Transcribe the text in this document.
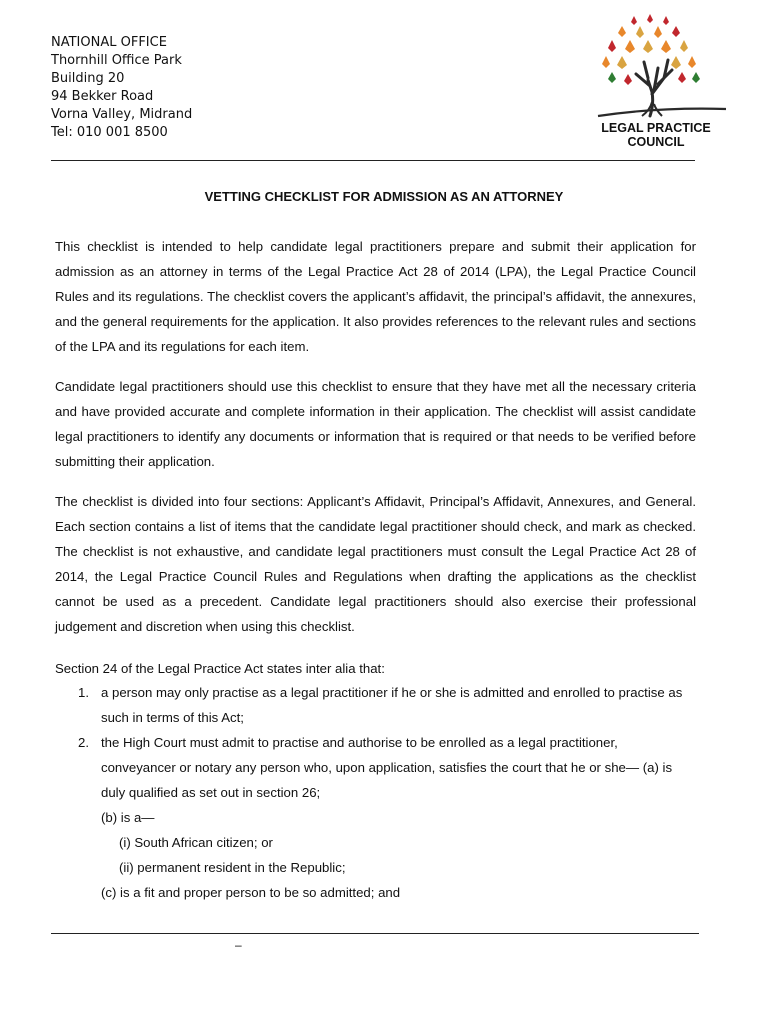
NATIONAL OFFICE
Thornhill Office Park
Building 20
94 Bekker Road
Vorna Valley, Midrand
Tel: 010 001 8500	LEGAL PRACTICE
COUNCIL
VETTING CHECKLIST FOR ADMISSION AS AN ATTORNEY

This checklist is intended to help candidate legal practitioners prepare and submit their application for admission as an attorney in terms of the Legal Practice Act 28 of 2014 (LPA), the Legal Practice Council Rules and its regulations. The checklist covers the applicant’s affidavit, the principal’s affidavit, the annexures, and the general requirements for the application. It also provides references to the relevant rules and sections of the LPA and its regulations for each item.

Candidate legal practitioners should use this checklist to ensure that they have met all the necessary criteria and have provided accurate and complete information in their application. The checklist will assist candidate legal practitioners to identify any documents or information that is required or that needs to be verified before submitting their application.

The checklist is divided into four sections: Applicant’s Affidavit, Principal’s Affidavit, Annexures, and General. Each section contains a list of items that the candidate legal practitioner should check, and mark as checked. The checklist is not exhaustive, and candidate legal practitioners must consult the Legal Practice Act 28 of 2014, the Legal Practice Council Rules and Regulations when drafting the applications as the checklist cannot be used as a precedent. Candidate legal practitioners should also exercise their professional judgement and discretion when using this checklist.

Section 24 of the Legal Practice Act states inter alia that:

1. a person may only practise as a legal practitioner if he or she is admitted and enrolled to practise as such in terms of this Act;
2. the High Court must admit to practise and authorise to be enrolled as a legal practitioner, conveyancer or notary any person who, upon application, satisfies the court that he or she— (a) is duly qualified as set out in section 26;
(b) is a—
(i) South African citizen; or
(ii) permanent resident in the Republic;
(c) is a fit and proper person to be so admitted; and
–
